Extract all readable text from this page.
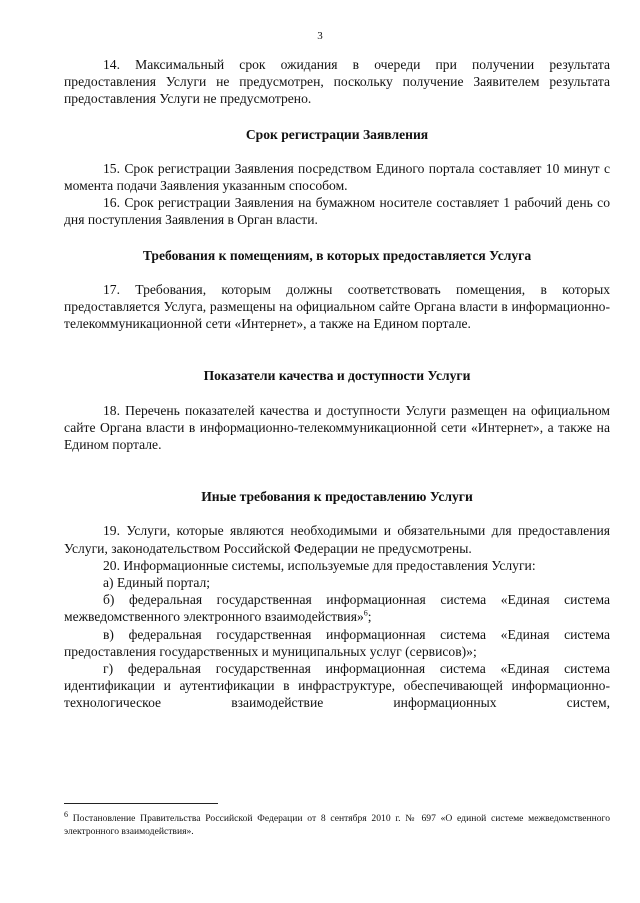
3

14. Максимальный срок ожидания в очереди при получении результата предоставления Услуги не предусмотрен, поскольку получение Заявителем результата предоставления Услуги не предусмотрено.

Срок регистрации Заявления

15. Срок регистрации Заявления посредством Единого портала составляет 10 минут с момента подачи Заявления указанным способом.

16. Срок регистрации Заявления на бумажном носителе составляет 1 рабочий день со дня поступления Заявления в Орган власти.

Требования к помещениям, в которых предоставляется Услуга

17. Требования, которым должны соответствовать помещения, в которых предоставляется Услуга, размещены на официальном сайте Органа власти в информационно-телекоммуникационной сети «Интернет», а также на Едином портале.

Показатели качества и доступности Услуги

18. Перечень показателей качества и доступности Услуги размещен на официальном сайте Органа власти в информационно-телекоммуникационной сети «Интернет», а также на Едином портале.

Иные требования к предоставлению Услуги

19. Услуги, которые являются необходимыми и обязательными для предоставления Услуги, законодательством Российской Федерации не предусмотрены.

20. Информационные системы, используемые для предоставления Услуги:

а) Единый портал;

б) федеральная государственная информационная система «Единая система межведомственного электронного взаимодействия»$^6$;

в) федеральная государственная информационная система «Единая система предоставления государственных и муниципальных услуг (сервисов)»;

г) федеральная государственная информационная система «Единая система идентификации и аутентификации в инфраструктуре, обеспечивающей информационно-технологическое взаимодействие информационных систем,

$^6$ Постановление Правительства Российской Федерации от 8 сентября 2010 г. № 697 «О единой системе межведомственного электронного взаимодействия».
